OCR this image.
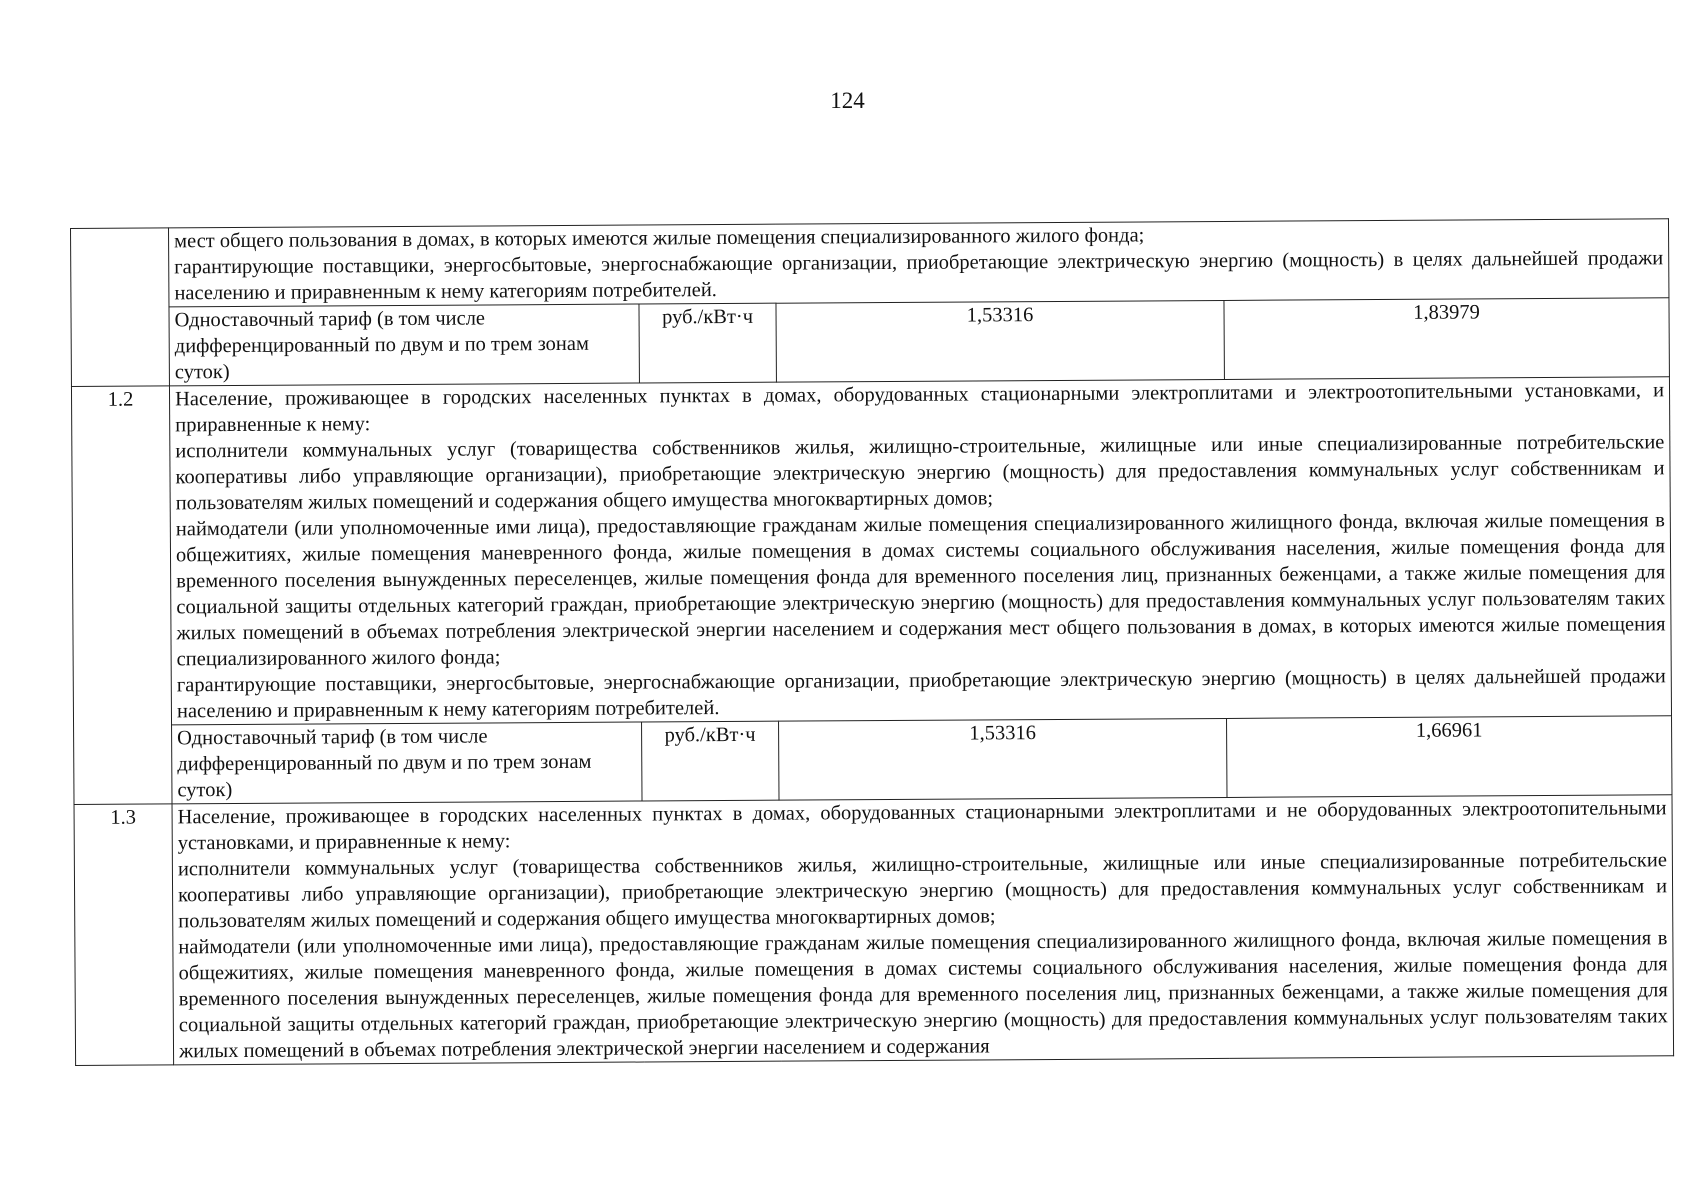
124

	мест общего пользования в домах, в которых имеются жилые помещения специализированного жилого фонда;

гарантирующие поставщики, энергосбытовые, энергоснабжающие организации, приобретающие электрическую энергию (мощность) в целях дальнейшей продажи населению и приравненным к нему категориям потребителей.			

	Одноставочный тариф (в том числе дифференцированный по двум и по трем зонам суток)	руб./кВт·ч	1,53316	1,83979
1.2	Население, проживающее в городских населенных пунктах в домах, оборудованных стационарными электроплитами и электроотопительными установками, и приравненные к нему:

исполнители коммунальных услуг (товарищества собственников жилья, жилищно-строительные, жилищные или иные специализированные потребительские кооперативы либо управляющие организации), приобретающие электрическую энергию (мощность) для предоставления коммунальных услуг собственникам и пользователям жилых помещений и содержания общего имущества многоквартирных домов;

наймодатели (или уполномоченные ими лица), предоставляющие гражданам жилые помещения специализированного жилищного фонда, включая жилые помещения в общежитиях, жилые помещения маневренного фонда, жилые помещения в домах системы социального обслуживания населения, жилые помещения фонда для временного поселения вынужденных переселенцев, жилые помещения фонда для временного поселения лиц, признанных беженцами, а также жилые помещения для социальной защиты отдельных категорий граждан, приобретающие электрическую энергию (мощность) для предоставления коммунальных услуг пользователям таких жилых помещений в объемах потребления электрической энергии населением и содержания мест общего пользования в домах, в которых имеются жилые помещения специализированного жилого фонда;

гарантирующие поставщики, энергосбытовые, энергоснабжающие организации, приобретающие электрическую энергию (мощность) в целях дальнейшей продажи населению и приравненным к нему категориям потребителей.			

	Одноставочный тариф (в том числе дифференцированный по двум и по трем зонам суток)	руб./кВт·ч	1,53316	1,66961
1.3	Население, проживающее в городских населенных пунктах в домах, оборудованных стационарными электроплитами и не оборудованных электроотопительными установками, и приравненные к нему:

исполнители коммунальных услуг (товарищества собственников жилья, жилищно-строительные, жилищные или иные специализированные потребительские кооперативы либо управляющие организации), приобретающие электрическую энергию (мощность) для предоставления коммунальных услуг собственникам и пользователям жилых помещений и содержания общего имущества многоквартирных домов;

наймодатели (или уполномоченные ими лица), предоставляющие гражданам жилые помещения специализированного жилищного фонда, включая жилые помещения в общежитиях, жилые помещения маневренного фонда, жилые помещения в домах системы социального обслуживания населения, жилые помещения фонда для временного поселения вынужденных переселенцев, жилые помещения фонда для временного поселения лиц, признанных беженцами, а также жилые помещения для социальной защиты отдельных категорий граждан, приобретающие электрическую энергию (мощность) для предоставления коммунальных услуг пользователям таких жилых помещений в объемах потребления электрической энергии населением и содержания			
